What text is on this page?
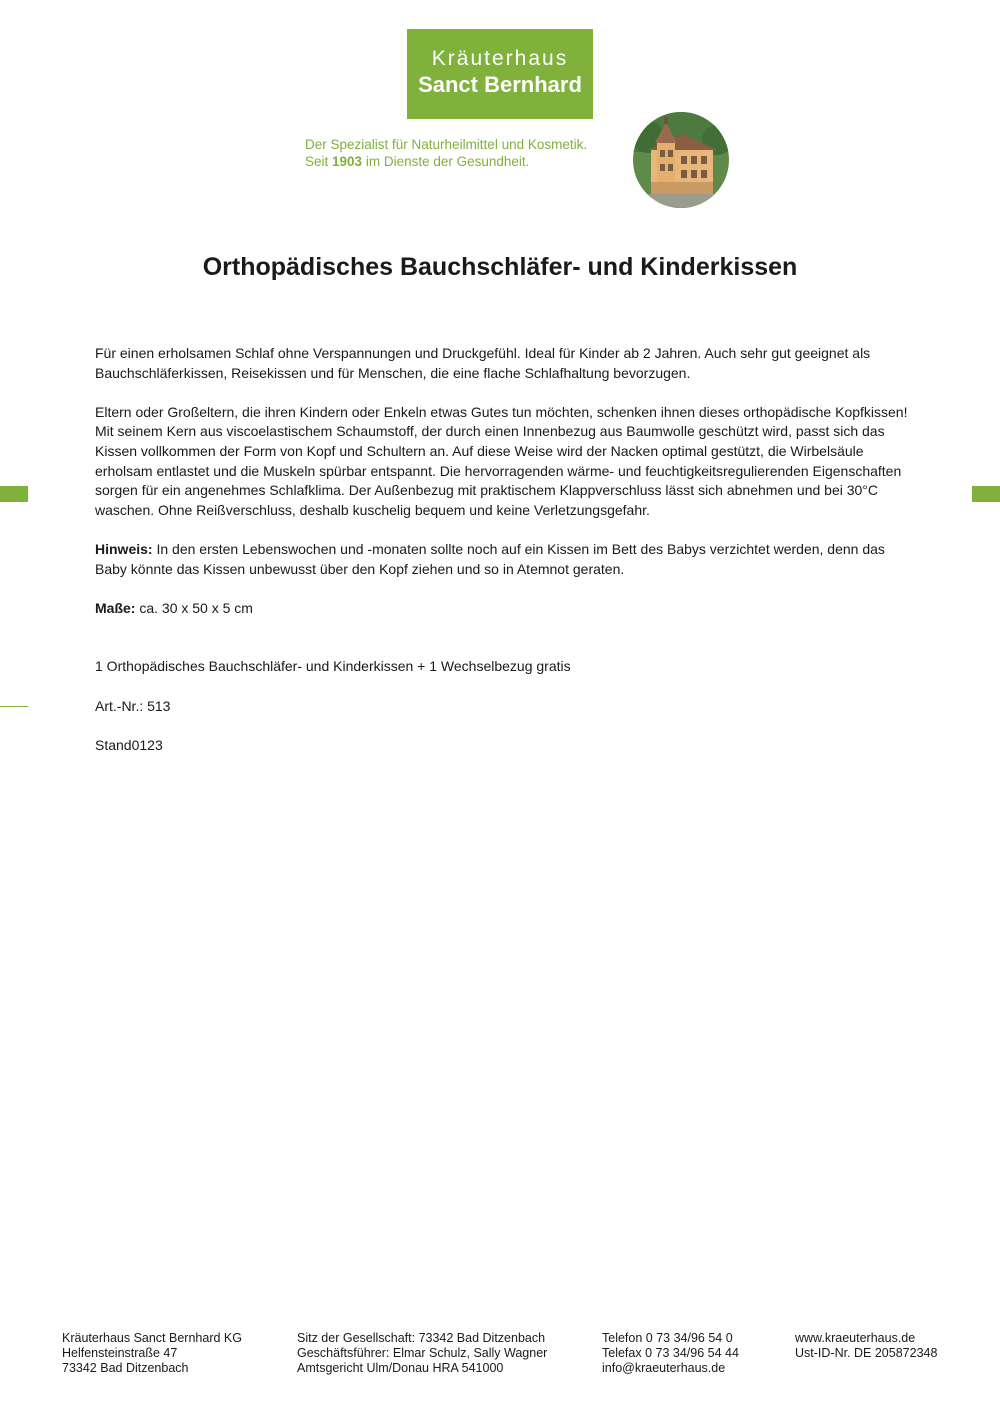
Kräuterhaus
Sanct Bernhard
Der Spezialist für Naturheilmittel und Kosmetik.
Seit 1903 im Dienste der Gesundheit.
Orthopädisches Bauchschläfer- und Kinderkissen

Für einen erholsamen Schlaf ohne Verspannungen und Druckgefühl. Ideal für Kinder ab 2 Jahren. Auch sehr gut geeignet als Bauchschläferkissen, Reisekissen und für Menschen, die eine flache Schlafhaltung bevorzugen.

Eltern oder Großeltern, die ihren Kindern oder Enkeln etwas Gutes tun möchten, schenken ihnen dieses orthopädische Kopfkissen! Mit seinem Kern aus viscoelastischem Schaumstoff, der durch einen Innenbezug aus Baumwolle geschützt wird, passt sich das Kissen vollkommen der Form von Kopf und Schultern an. Auf diese Weise wird der Nacken optimal gestützt, die Wirbelsäule erholsam entlastet und die Muskeln spürbar entspannt. Die hervorragenden wärme- und feuchtigkeitsregulierenden Eigenschaften sorgen für ein angenehmes Schlafklima. Der Außenbezug mit praktischem Klappverschluss lässt sich abnehmen und bei 30°C waschen. Ohne Reißverschluss, deshalb kuschelig bequem und keine Verletzungsgefahr.

Hinweis: In den ersten Lebenswochen und -monaten sollte noch auf ein Kissen im Bett des Babys verzichtet werden, denn das Baby könnte das Kissen unbewusst über den Kopf ziehen und so in Atemnot geraten.

Maße: ca. 30 x 50 x 5 cm

1 Orthopädisches Bauchschläfer- und Kinderkissen + 1 Wechselbezug gratis

Art.-Nr.: 513

Stand0123

Kräuterhaus Sanct Bernhard KG
Helfensteinstraße 47
73342 Bad Ditzenbach
Sitz der Gesellschaft: 73342 Bad Ditzenbach
Geschäftsführer: Elmar Schulz, Sally Wagner
Amtsgericht Ulm/Donau HRA 541000
Telefon 0 73 34/96 54 0
Telefax 0 73 34/96 54 44
info@kraeuterhaus.de
www.kraeuterhaus.de
Ust-ID-Nr. DE 205872348
